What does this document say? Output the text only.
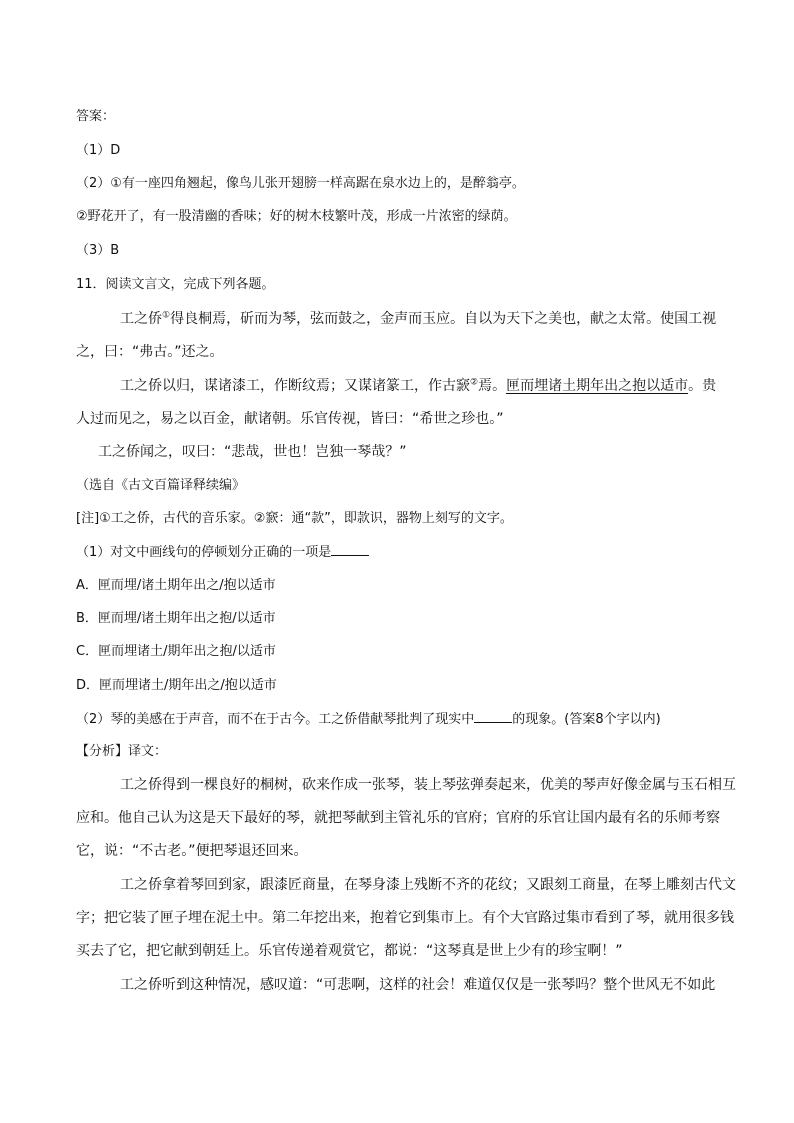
答案：
（1）D
（2）①有一座四角翘起，像鸟儿张开翅膀一样高踞在泉水边上的，是醉翁亭。
②野花开了，有一股清幽的香味；好的树木枝繁叶茂，形成一片浓密的绿荫。
（3）B
11．阅读文言文，完成下列各题。
工之侨①得良桐焉，斫而为琴，弦而鼓之，金声而玉应。自以为天下之美也，献之太常。使国工视
之，曰：“弗古。”还之。
工之侨以归，谋诸漆工，作断纹焉；又谋诸篆工，作古窾②焉。匣而埋诸土期年出之抱以适市。贵
人过而见之，易之以百金，献诸朝。乐官传视，皆曰：“希世之珍也。”
工之侨闻之，叹曰：“悲哉，世也！岂独一琴哉？”
（选自《古文百篇译释续编》
[注]①工之侨，古代的音乐家。②窾：通“款”，即款识，器物上刻写的文字。
（1）对文中画线句的停顿划分正确的一项是
A．匣而埋/诸土期年出之/抱以适市
B．匣而埋/诸土期年出之抱/以适市
C．匣而埋诸土/期年出之抱/以适市
D．匣而埋诸土/期年出之/抱以适市
（2）琴的美感在于声音，而不在于古今。工之侨借献琴批判了现实中	的现象。(答案8个字以内)
【分析】译文：
工之侨得到一棵良好的桐树，砍来作成一张琴，装上琴弦弹奏起来，优美的琴声好像金属与玉石相互应和。他自己认为这是天下最好的琴，就把琴献到主管礼乐的官府；官府的乐官让国内最有名的乐师考察它，说：“不古老。”便把琴退还回来。
工之侨拿着琴回到家，跟漆匠商量，在琴身漆上残断不齐的花纹；又跟刻工商量，在琴上雕刻古代文字；把它装了匣子埋在泥土中。第二年挖出来，抱着它到集市上。有个大官路过集市看到了琴，就用很多钱买去了它，把它献到朝廷上。乐官传递着观赏它，都说：“这琴真是世上少有的珍宝啊！”
工之侨听到这种情况，感叹道：“可悲啊，这样的社会！难道仅仅是一张琴吗？整个世风无不如此
